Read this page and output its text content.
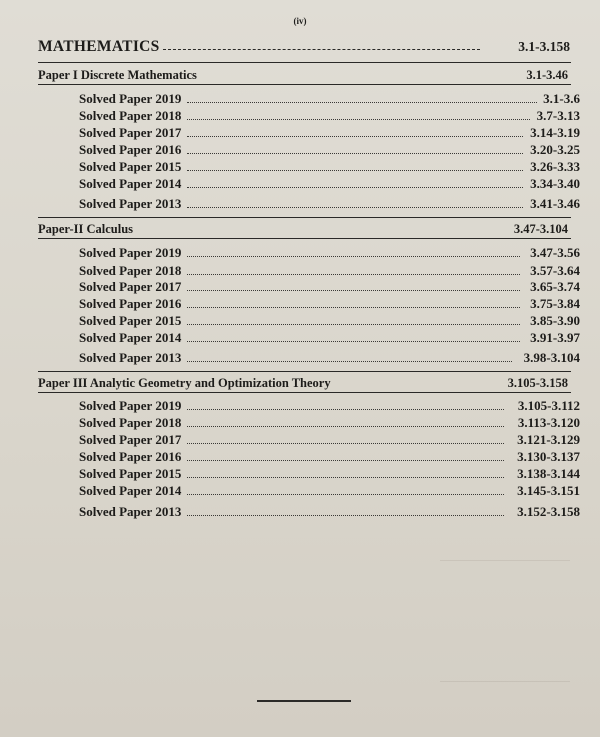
(iv)
MATHEMATICS	3.1-3.158
Paper I Discrete Mathematics	3.1-3.46
Solved Paper 2019	3.1-3.6
Solved Paper 2018	3.7-3.13
Solved Paper 2017	3.14-3.19
Solved Paper 2016	3.20-3.25
Solved Paper 2015	3.26-3.33
Solved Paper 2014	3.34-3.40
Solved Paper 2013	3.41-3.46
Paper-II Calculus	3.47-3.104
Solved Paper 2019	3.47-3.56
Solved Paper 2018	3.57-3.64
Solved Paper 2017	3.65-3.74
Solved Paper 2016	3.75-3.84
Solved Paper 2015	3.85-3.90
Solved Paper 2014	3.91-3.97
Solved Paper 2013	3.98-3.104
Paper III Analytic Geometry and Optimization Theory	3.105-3.158
Solved Paper 2019	3.105-3.112
Solved Paper 2018	3.113-3.120
Solved Paper 2017	3.121-3.129
Solved Paper 2016	3.130-3.137
Solved Paper 2015	3.138-3.144
Solved Paper 2014	3.145-3.151
Solved Paper 2013	3.152-3.158
